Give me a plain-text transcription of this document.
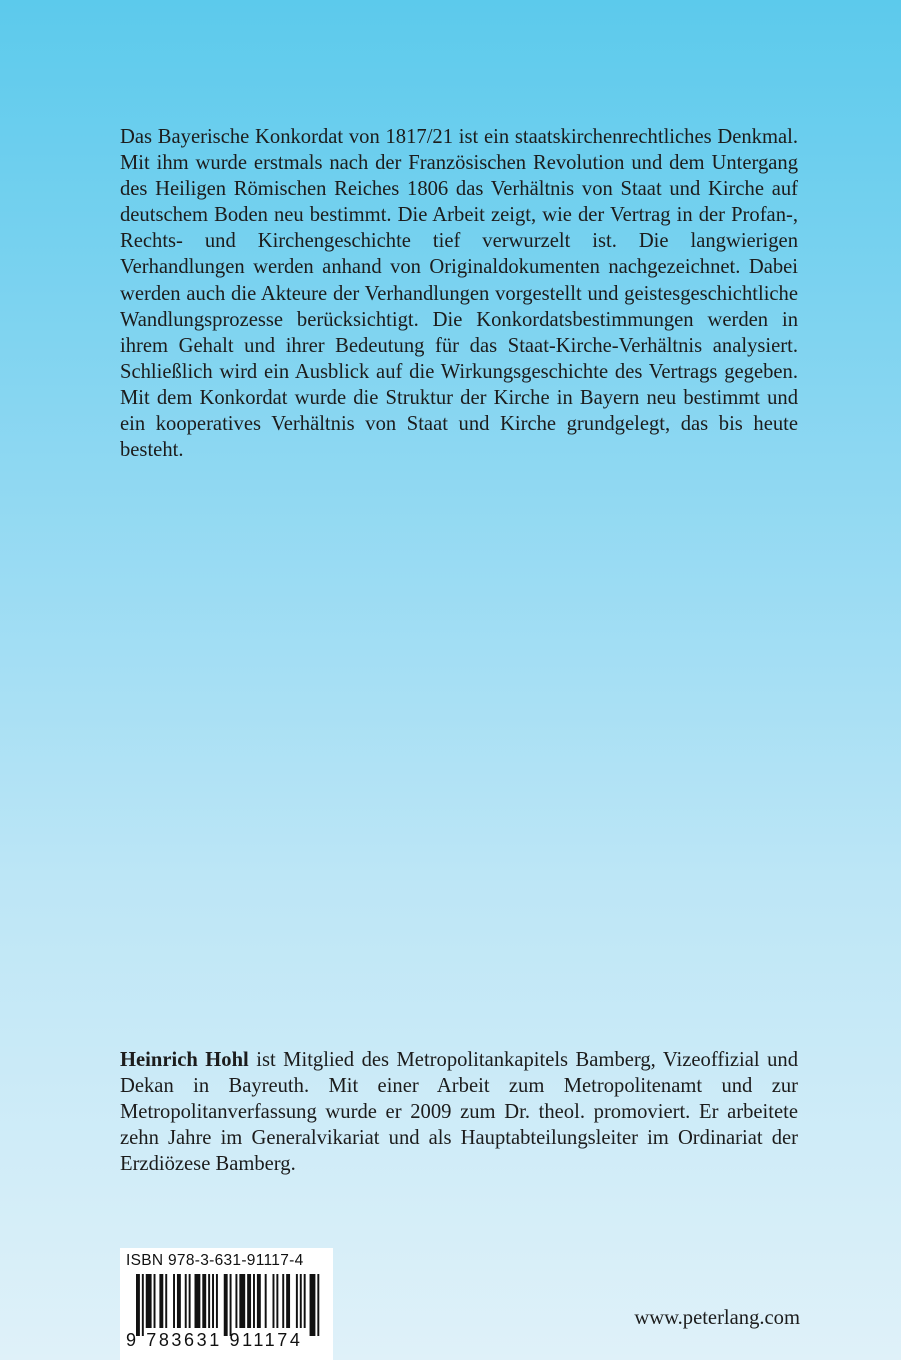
Das Bayerische Konkordat von 1817/21 ist ein staatskirchenrechtliches Denkmal. Mit ihm wurde erstmals nach der Französischen Revolution und dem Untergang des Heiligen Römischen Reiches 1806 das Verhältnis von Staat und Kirche auf deutschem Boden neu bestimmt. Die Arbeit zeigt, wie der Vertrag in der Profan-, Rechts- und Kirchengeschichte tief verwurzelt ist. Die langwierigen Verhandlungen werden anhand von Originaldokumenten nachgezeichnet. Dabei werden auch die Akteure der Verhandlungen vorgestellt und geistesgeschichtliche Wandlungsprozesse berücksichtigt. Die Konkordatsbestimmungen werden in ihrem Gehalt und ihrer Bedeutung für das Staat-Kirche-Verhältnis analysiert. Schließlich wird ein Ausblick auf die Wirkungsgeschichte des Vertrags gegeben. Mit dem Konkordat wurde die Struktur der Kirche in Bayern neu bestimmt und ein kooperatives Verhältnis von Staat und Kirche grundgelegt, das bis heute besteht.

Heinrich Hohl ist Mitglied des Metropolitankapitels Bamberg, Vizeoffizial und Dekan in Bayreuth. Mit einer Arbeit zum Metropolitenamt und zur Metropolitanverfassung wurde er 2009 zum Dr. theol. promoviert. Er arbeitete zehn Jahre im Generalvikariat und als Hauptabteilungsleiter im Ordinariat der Erzdiözese Bamberg.

ISBN 978-3-631-91117-4
9 783631 911174
www.peterlang.com
